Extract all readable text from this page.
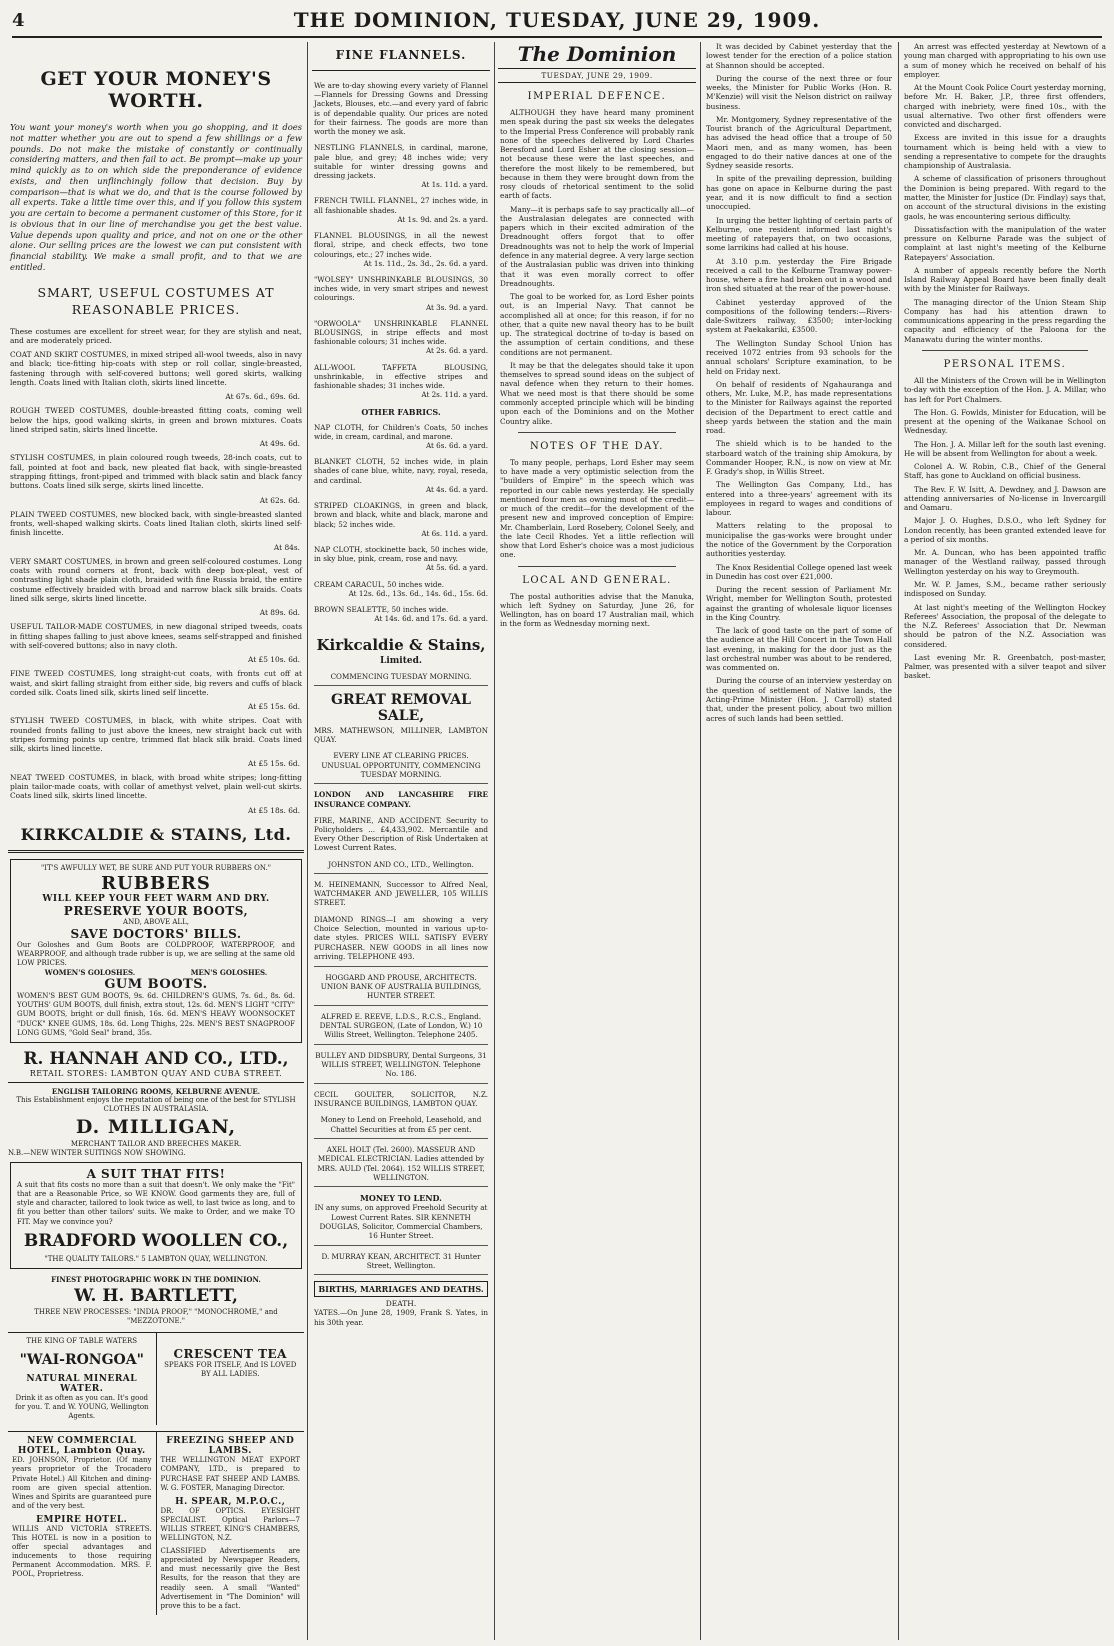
4	THE DOMINION, TUESDAY, JUNE 29, 1909.
GET YOUR MONEY'S WORTH.
You want your money's worth when you go shopping, and it does not matter whether you are out to spend a few shillings or a few pounds. Do not make the mistake of constantly or continually considering matters, and then fail to act. Be prompt—make up your mind quickly as to on which side the preponderance of evidence exists, and then unflinchingly follow that decision. Buy by comparison—that is what we do, and that is the course followed by all experts. Take a little time over this, and if you follow this system you are certain to become a permanent customer of this Store, for it is obvious that in our line of merchandise you get the best value. Value depends upon quality and price, and not on one or the other alone. Our selling prices are the lowest we can put consistent with financial stability. We make a small profit, and to that we are entitled.
SMART, USEFUL COSTUMES AT
REASONABLE PRICES.
These costumes are excellent for street wear, for they are stylish and neat, and are moderately priced.
COAT AND SKIRT COSTUMES, in mixed striped all-wool tweeds, also in navy and black; tice-fitting hip-coats with step or roll collar, single-breasted, fastening through with self-covered buttons; well gored skirts, walking length. Coats lined with Italian cloth, skirts lined lincette.
At 67s. 6d., 69s. 6d.
ROUGH TWEED COSTUMES, double-breasted fitting coats, coming well below the hips, good walking skirts, in green and brown mixtures. Coats lined striped satin, skirts lined lincette.
At 49s. 6d.
STYLISH COSTUMES, in plain coloured rough tweeds, 28-inch coats, cut to fall, pointed at foot and back, new pleated flat back, with single-breasted strapping fittings, front-piped and trimmed with black satin and black fancy buttons. Coats lined silk serge, skirts lined lincette.
At 62s. 6d.
PLAIN TWEED COSTUMES, new blocked back, with single-breasted slanted fronts, well-shaped walking skirts. Coats lined Italian cloth, skirts lined self-finish lincette.
At 84s.
VERY SMART COSTUMES, in brown and green self-coloured costumes. Long coats with round corners at front, back with deep box-pleat, vest of contrasting light shade plain cloth, braided with fine Russia braid, the entire costume effectively braided with broad and narrow black silk braids. Coats lined silk serge, skirts lined lincette.
At 89s. 6d.
USEFUL TAILOR-MADE COSTUMES, in new diagonal striped tweeds, coats in fitting shapes falling to just above knees, seams self-strapped and finished with self-covered buttons; also in navy cloth.
At £5 10s. 6d.
FINE TWEED COSTUMES, long straight-cut coats, with fronts cut off at waist, and skirt falling straight from either side, big revers and cuffs of black corded silk. Coats lined silk, skirts lined self lincette.
At £5 15s. 6d.
STYLISH TWEED COSTUMES, in black, with white stripes. Coat with rounded fronts falling to just above the knees, new straight back cut with stripes forming points up centre, trimmed flat black silk braid. Coats lined silk, skirts lined lincette.
At £5 15s. 6d.
NEAT TWEED COSTUMES, in black, with broad white stripes; long-fitting plain tailor-made coats, with collar of amethyst velvet, plain well-cut skirts. Coats lined silk, skirts lined lincette.
At £5 18s. 6d.
KIRKCALDIE & STAINS, Ltd.
"IT'S AWFULLY WET, BE SURE AND PUT YOUR RUBBERS ON."
RUBBERS
WILL KEEP YOUR FEET WARM AND DRY.
PRESERVE YOUR BOOTS,
AND, ABOVE ALL,
SAVE DOCTORS' BILLS.
Our Goloshes and Gum Boots are COLDPROOF, WATERPROOF, and WEARPROOF, and although trade rubber is up, we are selling at the same old LOW PRICES.
WOMEN'S GOLOSHES.	MEN'S GOLOSHES.
GUM BOOTS.
WOMEN'S BEST GUM BOOTS, 9s. 6d. CHILDREN'S GUMS, 7s. 6d., 8s. 6d. YOUTHS' GUM BOOTS, dull finish, extra stout, 12s. 6d. MEN'S LIGHT "CITY" GUM BOOTS, bright or dull finish, 16s. 6d. MEN'S HEAVY WOONSOCKET "DUCK" KNEE GUMS, 18s. 6d. Long Thighs, 22s. MEN'S BEST SNAGPROOF LONG GUMS, "Gold Seal" brand, 35s.
R. HANNAH AND CO., LTD.,
RETAIL STORES: LAMBTON QUAY AND CUBA STREET.
ENGLISH TAILORING ROOMS, KELBURNE AVENUE.
This Establishment enjoys the reputation of being one of the best for STYLISH CLOTHES IN AUSTRALASIA.
D. MILLIGAN,
MERCHANT TAILOR AND BREECHES MAKER.
N.B.—NEW WINTER SUITINGS NOW SHOWING.
A SUIT THAT FITS!
A suit that fits costs no more than a suit that doesn't. We only make the "Fit" that are a Reasonable Price, so WE KNOW. Good garments they are, full of style and character, tailored to look twice as well, to last twice as long, and to fit you better than other tailors' suits. We make to Order, and we make TO FIT. May we convince you?
BRADFORD WOOLLEN CO.,
"THE QUALITY TAILORS." 5 LAMBTON QUAY, WELLINGTON.
FINEST PHOTOGRAPHIC WORK IN THE DOMINION.
W. H. BARTLETT,
THREE NEW PROCESSES: "INDIA PROOF," "MONOCHROME," and "MEZZOTONE."
THE KING OF TABLE WATERS
"WAI-RONGOA"
NATURAL MINERAL WATER.
Drink it as often as you can. It's good for you. T. and W. YOUNG, Wellington Agents.
CRESCENT TEA
SPEAKS FOR ITSELF, And IS LOVED BY ALL LADIES.
NEW COMMERCIAL HOTEL, Lambton Quay.
ED. JOHNSON, Proprietor. (Of many years proprietor of the Trocadero Private Hotel.) All Kitchen and dining-room are given special attention. Wines and Spirits are guaranteed pure and of the very best.
EMPIRE HOTEL.
WILLIS AND VICTORIA STREETS. This HOTEL is now in a position to offer special advantages and inducements to those requiring Permanent Accommodation. MRS. F. POOL, Proprietress.
FREEZING SHEEP AND LAMBS.
THE WELLINGTON MEAT EXPORT COMPANY, LTD., is prepared to PURCHASE FAT SHEEP AND LAMBS. W. G. FOSTER, Managing Director.
H. SPEAR, M.P.O.C.,
DR. OF OPTICS. EYESIGHT SPECIALIST. Optical Parlors—7 WILLIS STREET, KING'S CHAMBERS, WELLINGTON, N.Z.
CLASSIFIED Advertisements are appreciated by Newspaper Readers, and must necessarily give the Best Results, for the reason that they are readily seen. A small "Wanted" Advertisement in "The Dominion" will prove this to be a fact.
FINE FLANNELS.
We are to-day showing every variety of Flannel—Flannels for Dressing Gowns and Dressing Jackets, Blouses, etc.—and every yard of fabric is of dependable quality. Our prices are noted for their fairness. The goods are more than worth the money we ask.
NESTLING FLANNELS, in cardinal, marone, pale blue, and grey; 48 inches wide; very suitable for winter dressing gowns and dressing jackets.
At 1s. 11d. a yard.
FRENCH TWILL FLANNEL, 27 inches wide, in all fashionable shades.
At 1s. 9d. and 2s. a yard.
FLANNEL BLOUSINGS, in all the newest floral, stripe, and check effects, two tone colourings, etc.; 27 inches wide.
At 1s. 11d., 2s. 3d., 2s. 6d. a yard.
"WOLSEY" UNSHRINKABLE BLOUSINGS, 30 inches wide, in very smart stripes and newest colourings.
At 3s. 9d. a yard.
"ORWOOLA" UNSHRINKABLE FLANNEL BLOUSINGS, in stripe effects and most fashionable colours; 31 inches wide.
At 2s. 6d. a yard.
ALL-WOOL TAFFETA BLOUSING, unshrinkable, in effective stripes and fashionable shades; 31 inches wide.
At 2s. 11d. a yard.
OTHER FABRICS.
NAP CLOTH, for Children's Coats, 50 inches wide, in cream, cardinal, and marone.
At 6s. 6d. a yard.
BLANKET CLOTH, 52 inches wide, in plain shades of cane blue, white, navy, royal, reseda, and cardinal.
At 4s. 6d. a yard.
STRIPED CLOAKINGS, in green and black, brown and black, white and black, marone and black; 52 inches wide.
At 6s. 11d. a yard.
NAP CLOTH, stockinette back, 50 inches wide, in sky blue, pink, cream, rose and navy.
At 5s. 6d. a yard.
CREAM CARACUL, 50 inches wide.
At 12s. 6d., 13s. 6d., 14s. 6d., 15s. 6d.
BROWN SEALETTE, 50 inches wide.
At 14s. 6d. and 17s. 6d. a yard.
Kirkcaldie & Stains,
Limited.
COMMENCING TUESDAY MORNING.
GREAT REMOVAL SALE,
MRS. MATHEWSON, MILLINER, LAMBTON QUAY.
EVERY LINE AT CLEARING PRICES. UNUSUAL OPPORTUNITY, COMMENCING TUESDAY MORNING.
LONDON AND LANCASHIRE FIRE INSURANCE COMPANY.
FIRE, MARINE, AND ACCIDENT. Security to Policyholders ... £4,433,902. Mercantile and Every Other Description of Risk Undertaken at Lowest Current Rates.
JOHNSTON AND CO., LTD., Wellington.
M. HEINEMANN, Successor to Alfred Neal, WATCHMAKER AND JEWELLER, 105 WILLIS STREET.
DIAMOND RINGS—I am showing a very Choice Selection, mounted in various up-to-date styles. PRICES WILL SATISFY EVERY PURCHASER. NEW GOODS in all lines now arriving. TELEPHONE 493.
HOGGARD AND PROUSE, ARCHITECTS. UNION BANK OF AUSTRALIA BUILDINGS, HUNTER STREET.
ALFRED E. REEVE, L.D.S., R.C.S., England. DENTAL SURGEON, (Late of London, W.) 10 Willis Street, Wellington. Telephone 2405.
BULLEY AND DIDSBURY, Dental Surgeons, 31 WILLIS STREET, WELLINGTON. Telephone No. 186.
CECIL GOULTER, SOLICITOR, N.Z. INSURANCE BUILDINGS, LAMBTON QUAY.
Money to Lend on Freehold, Leasehold, and Chattel Securities at from £5 per cent.
AXEL HOLT (Tel. 2600). MASSEUR AND MEDICAL ELECTRICIAN. Ladies attended by MRS. AULD (Tel. 2064). 152 WILLIS STREET, WELLINGTON.
MONEY TO LEND.
IN any sums, on approved Freehold Security at Lowest Current Rates. SIR KENNETH DOUGLAS, Solicitor, Commercial Chambers, 16 Hunter Street.
D. MURRAY KEAN, ARCHITECT. 31 Hunter Street, Wellington.
BIRTHS, MARRIAGES AND DEATHS.
DEATH.
YATES.—On June 28, 1909, Frank S. Yates, in his 30th year.
The Dominion
TUESDAY, JUNE 29, 1909.
IMPERIAL DEFENCE.
ALTHOUGH they have heard many prominent men speak during the past six weeks the delegates to the Imperial Press Conference will probably rank none of the speeches delivered by Lord Charles Beresford and Lord Esher at the closing session—not because these were the last speeches, and therefore the most likely to be remembered, but because in them they were brought down from the rosy clouds of rhetorical sentiment to the solid earth of facts.
Many—it is perhaps safe to say practically all—of the Australasian delegates are connected with papers which in their excited admiration of the Dreadnought offers forgot that to offer Dreadnoughts was not to help the work of Imperial defence in any material degree. A very large section of the Australasian public was driven into thinking that it was even morally correct to offer Dreadnoughts.
The goal to be worked for, as Lord Esher points out, is an Imperial Navy. That cannot be accomplished all at once; for this reason, if for no other, that a quite new naval theory has to be built up. The strategical doctrine of to-day is based on the assumption of certain conditions, and these conditions are not permanent.
It may be that the delegates should take it upon themselves to spread sound ideas on the subject of naval defence when they return to their homes. What we need most is that there should be some commonly accepted principle which will be binding upon each of the Dominions and on the Mother Country alike.
NOTES OF THE DAY.
To many people, perhaps, Lord Esher may seem to have made a very optimistic selection from the "builders of Empire" in the speech which was reported in our cable news yesterday. He specially mentioned four men as owning most of the credit—or much of the credit—for the development of the present new and improved conception of Empire: Mr. Chamberlain, Lord Rosebery, Colonel Seely, and the late Cecil Rhodes. Yet a little reflection will show that Lord Esher's choice was a most judicious one.
LOCAL AND GENERAL.
The postal authorities advise that the Manuka, which left Sydney on Saturday, June 26, for Wellington, has on board 17 Australian mail, which in the form as Wednesday morning next.
It was decided by Cabinet yesterday that the lowest tender for the erection of a police station at Shannon should be accepted.
During the course of the next three or four weeks, the Minister for Public Works (Hon. R. M'Kenzie) will visit the Nelson district on railway business.
Mr. Montgomery, Sydney representative of the Tourist branch of the Agricultural Department, has advised the head office that a troupe of 50 Maori men, and as many women, has been engaged to do their native dances at one of the Sydney seaside resorts.
In spite of the prevailing depression, building has gone on apace in Kelburne during the past year, and it is now difficult to find a section unoccupied.
In urging the better lighting of certain parts of Kelburne, one resident informed last night's meeting of ratepayers that, on two occasions, some larrikins had called at his house.
At 3.10 p.m. yesterday the Fire Brigade received a call to the Kelburne Tramway power-house, where a fire had broken out in a wood and iron shed situated at the rear of the power-house.
Cabinet yesterday approved of the compositions of the following tenders:—Rivers-dale-Switzers railway, £3500; inter-locking system at Paekakariki, £3500.
The Wellington Sunday School Union has received 1072 entries from 93 schools for the annual scholars' Scripture examination, to be held on Friday next.
On behalf of residents of Ngahauranga and others, Mr. Luke, M.P., has made representations to the Minister for Railways against the reported decision of the Department to erect cattle and sheep yards between the station and the main road.
The shield which is to be handed to the starboard watch of the training ship Amokura, by Commander Hooper, R.N., is now on view at Mr. F. Grady's shop, in Willis Street.
The Wellington Gas Company, Ltd., has entered into a three-years' agreement with its employees in regard to wages and conditions of labour.
Matters relating to the proposal to municipalise the gas-works were brought under the notice of the Government by the Corporation authorities yesterday.
The Knox Residential College opened last week in Dunedin has cost over £21,000.
During the recent session of Parliament Mr. Wright, member for Wellington South, protested against the granting of wholesale liquor licenses in the King Country.
The lack of good taste on the part of some of the audience at the Hill Concert in the Town Hall last evening, in making for the door just as the last orchestral number was about to be rendered, was commented on.
During the course of an interview yesterday on the question of settlement of Native lands, the Acting-Prime Minister (Hon. J. Carroll) stated that, under the present policy, about two million acres of such lands had been settled.
An arrest was effected yesterday at Newtown of a young man charged with appropriating to his own use a sum of money which he received on behalf of his employer.
At the Mount Cook Police Court yesterday morning, before Mr. H. Baker, J.P., three first offenders, charged with inebriety, were fined 10s., with the usual alternative. Two other first offenders were convicted and discharged.
Excess are invited in this issue for a draughts tournament which is being held with a view to sending a representative to compete for the draughts championship of Australasia.
A scheme of classification of prisoners throughout the Dominion is being prepared. With regard to the matter, the Minister for Justice (Dr. Findlay) says that, on account of the structural divisions in the existing gaols, he was encountering serious difficulty.
Dissatisfaction with the manipulation of the water pressure on Kelburne Parade was the subject of complaint at last night's meeting of the Kelburne Ratepayers' Association.
A number of appeals recently before the North Island Railway Appeal Board have been finally dealt with by the Minister for Railways.
The managing director of the Union Steam Ship Company has had his attention drawn to communications appearing in the press regarding the capacity and efficiency of the Paloona for the Manawatu during the winter months.
PERSONAL ITEMS.
All the Ministers of the Crown will be in Wellington to-day with the exception of the Hon. J. A. Millar, who has left for Port Chalmers.
The Hon. G. Fowlds, Minister for Education, will be present at the opening of the Waikanae School on Wednesday.
The Hon. J. A. Millar left for the south last evening. He will be absent from Wellington for about a week.
Colonel A. W. Robin, C.B., Chief of the General Staff, has gone to Auckland on official business.
The Rev. F. W. Isitt, A. Dewdney, and J. Dawson are attending anniversaries of No-license in Invercargill and Oamaru.
Major J. O. Hughes, D.S.O., who left Sydney for London recently, has been granted extended leave for a period of six months.
Mr. A. Duncan, who has been appointed traffic manager of the Westland railway, passed through Wellington yesterday on his way to Greymouth.
Mr. W. P. James, S.M., became rather seriously indisposed on Sunday.
At last night's meeting of the Wellington Hockey Referees' Association, the proposal of the delegate to the N.Z. Referees' Association that Dr. Newman should be patron of the N.Z. Association was considered.
Last evening Mr. R. Greenbatch, post-master, Palmer, was presented with a silver teapot and silver basket.
